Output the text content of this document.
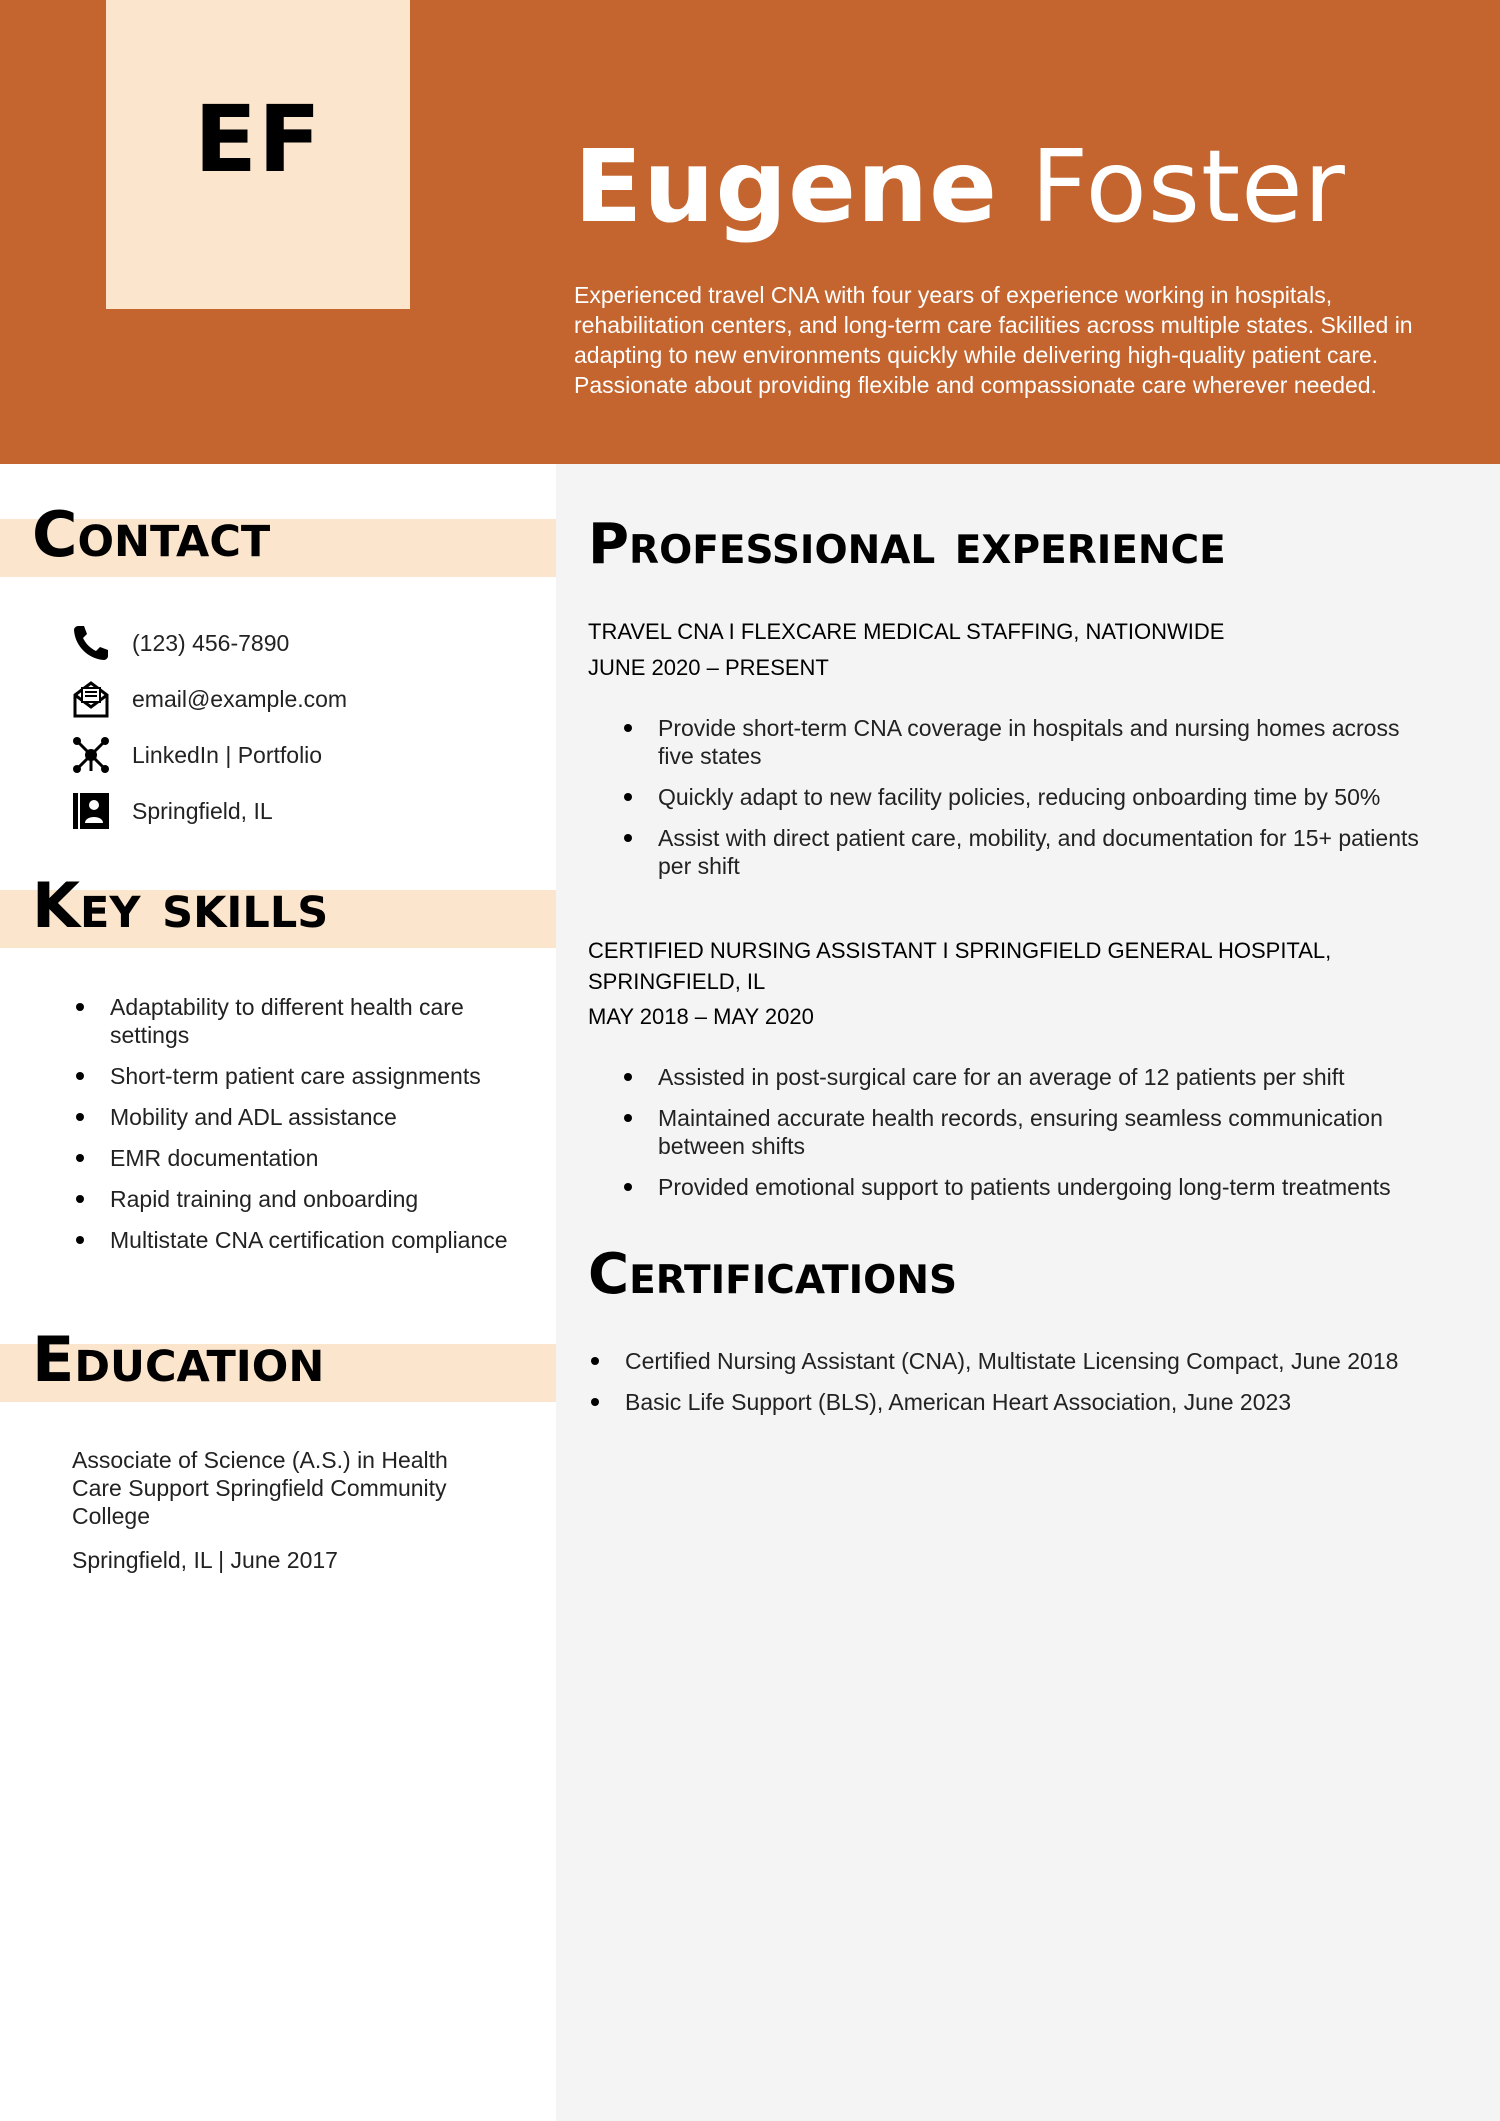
EF	Eugene Foster

Experienced travel CNA with four years of experience working in hospitals, rehabilitation centers, and long-term care facilities across multiple states. Skilled in adapting to new environments quickly while delivering high-quality patient care. Passionate about providing flexible and compassionate care wherever needed.

Contact
(123) 456-7890
email@example.com
LinkedIn | Portfolio
Springfield, IL
Key skills
Adaptability to different health care settings
Short-term patient care assignments
Mobility and ADL assistance
EMR documentation
Rapid training and onboarding
Multistate CNA certification compliance
Education

Associate of Science (A.S.) in Health Care Support Springfield Community College

Springfield, IL | June 2017

Professional experience
TRAVEL CNA I FLEXCARE MEDICAL STAFFING, NATIONWIDE
JUNE 2020 – PRESENT
Provide short-term CNA coverage in hospitals and nursing homes across five states
Quickly adapt to new facility policies, reducing onboarding time by 50%
Assist with direct patient care, mobility, and documentation for 15+ patients per shift
CERTIFIED NURSING ASSISTANT I SPRINGFIELD GENERAL HOSPITAL, SPRINGFIELD, IL
MAY 2018 – MAY 2020
Assisted in post-surgical care for an average of 12 patients per shift
Maintained accurate health records, ensuring seamless communication between shifts
Provided emotional support to patients undergoing long-term treatments
Certifications
Certified Nursing Assistant (CNA), Multistate Licensing Compact, June 2018
Basic Life Support (BLS), American Heart Association, June 2023
